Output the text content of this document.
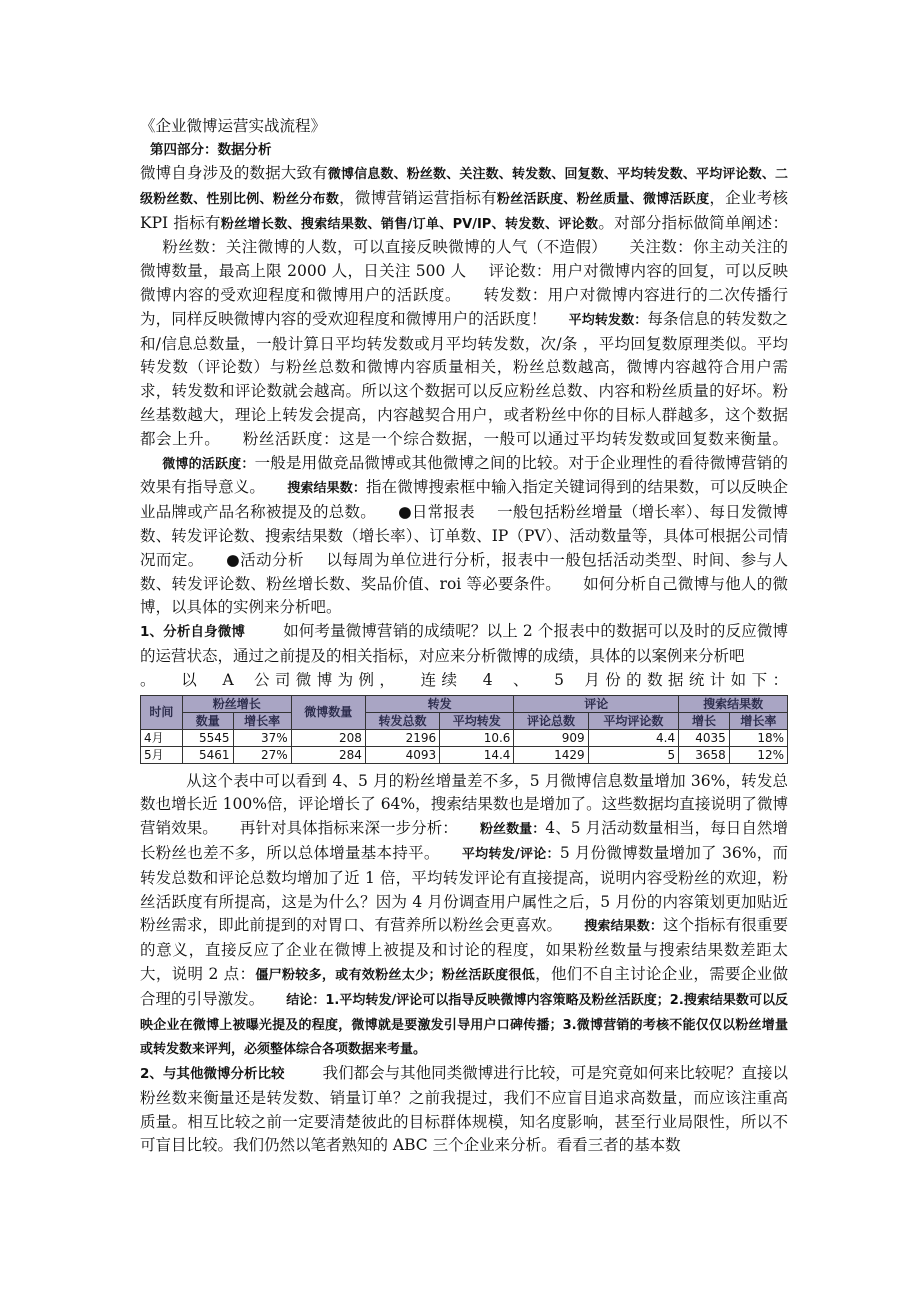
《企业微博运营实战流程》

第四部分：数据分析

微博自身涉及的数据大致有微博信息数、粉丝数、关注数、转发数、回复数、平均转发数、平均评论数、二级粉丝数、性别比例、粉丝分布数，微博营销运营指标有粉丝活跃度、粉丝质量、微博活跃度，企业考核 KPI 指标有粉丝增长数、搜索结果数、销售/订单、PV/IP、转发数、评论数。对部分指标做简单阐述：粉丝数：关注微博的人数，可以直接反映微博的人气（不造假） 关注数：你主动关注的微博数量，最高上限 2000 人，日关注 500 人 评论数：用户对微博内容的回复，可以反映微博内容的受欢迎程度和微博用户的活跃度。 转发数：用户对微博内容进行的二次传播行为，同样反映微博内容的受欢迎程度和微博用户的活跃度！ 平均转发数：每条信息的转发数之和/信息总数量，一般计算日平均转发数或月平均转发数，次/条 ，平均回复数原理类似。平均转发数（评论数）与粉丝总数和微博内容质量相关，粉丝总数越高，微博内容越符合用户需求，转发数和评论数就会越高。所以这个数据可以反应粉丝总数、内容和粉丝质量的好坏。粉丝基数越大，理论上转发会提高，内容越契合用户，或者粉丝中你的目标人群越多，这个数据都会上升。 粉丝活跃度：这是一个综合数据，一般可以通过平均转发数或回复数来衡量。微博的活跃度：一般是用做竞品微博或其他微博之间的比较。对于企业理性的看待微博营销的效果有指导意义。 搜索结果数：指在微博搜索框中输入指定关键词得到的结果数，可以反映企业品牌或产品名称被提及的总数。 ●日常报表 一般包括粉丝增量（增长率）、每日发微博数、转发评论数、搜索结果数（增长率）、订单数、IP（PV）、活动数量等，具体可根据公司情况而定。 ●活动分析 以每周为单位进行分析，报表中一般包括活动类型、时间、参与人数、转发评论数、粉丝增长数、奖品价值、roi 等必要条件。 如何分析自己微博与他人的微博，以具体的实例来分析吧。

1、分析自身微博 如何考量微博营销的成绩呢？以上 2 个报表中的数据可以及时的反应微博的运营状态，通过之前提及的相关指标，对应来分析微博的成绩，具体的以案例来分析吧

。 以 A 公司微博为例， 连续 4 、 5 月份的数据统计如下：

时间	粉丝增长		微博数量	转发		评论		搜索结果数	
	数量	增长率		转发总数	平均转发	评论总数	平均评论数	增长	增长率
4月	5545	37%	208	2196	10.6	909	4.4	4035	18%
5月	5461	27%	284	4093	14.4	1429	5	3658	12%

从这个表中可以看到 4、5 月的粉丝增量差不多，5 月微博信息数量增加 36%，转发总数也增长近 100%倍，评论增长了 64%，搜索结果数也是增加了。这些数据均直接说明了微博营销效果。 再针对具体指标来深一步分析： 粉丝数量：4、5 月活动数量相当，每日自然增长粉丝也差不多，所以总体增量基本持平。 平均转发/评论：5 月份微博数量增加了 36%，而转发总数和评论总数均增加了近 1 倍，平均转发评论有直接提高，说明内容受粉丝的欢迎，粉丝活跃度有所提高，这是为什么？因为 4 月份调查用户属性之后，5 月份的内容策划更加贴近粉丝需求，即此前提到的对胃口、有营养所以粉丝会更喜欢。 搜索结果数：这个指标有很重要的意义，直接反应了企业在微博上被提及和讨论的程度，如果粉丝数量与搜索结果数差距太大，说明 2 点：僵尸粉较多，或有效粉丝太少；粉丝活跃度很低，他们不自主讨论企业，需要企业做合理的引导激发。 结论：1.平均转发/评论可以指导反映微博内容策略及粉丝活跃度；2.搜索结果数可以反映企业在微博上被曝光提及的程度，微博就是要激发引导用户口碑传播；3.微博营销的考核不能仅仅以粉丝增量或转发数来评判，必须整体综合各项数据来考量。

2、与其他微博分析比较 我们都会与其他同类微博进行比较，可是究竟如何来比较呢？直接以粉丝数来衡量还是转发数、销量订单？之前我提过，我们不应盲目追求高数量，而应该注重高质量。相互比较之前一定要清楚彼此的目标群体规模，知名度影响，甚至行业局限性，所以不可盲目比较。我们仍然以笔者熟知的 ABC 三个企业来分析。看看三者的基本数
